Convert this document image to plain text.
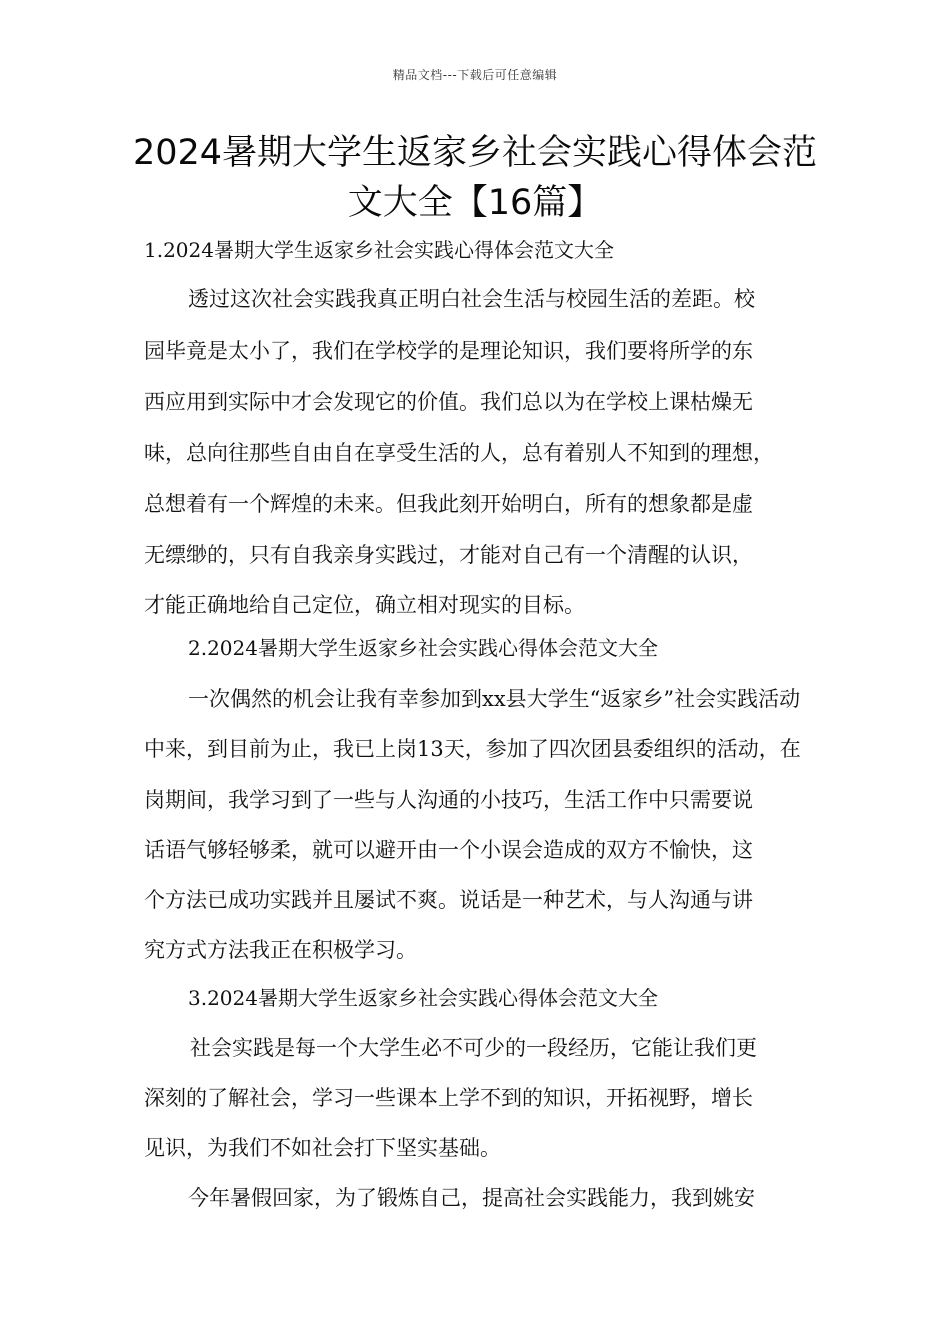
精品文档---下载后可任意编辑
2024暑期大学生返家乡社会实践心得体会范文大全【16篇】
1.2024暑期大学生返家乡社会实践心得体会范文大全
透过这次社会实践我真正明白社会生活与校园生活的差距。校
园毕竟是太小了，我们在学校学的是理论知识，我们要将所学的东
西应用到实际中才会发现它的价值。我们总以为在学校上课枯燥无
味，总向往那些自由自在享受生活的人，总有着别人不知到的理想，
总想着有一个辉煌的未来。但我此刻开始明白，所有的想象都是虚
无缥缈的，只有自我亲身实践过，才能对自己有一个清醒的认识，
才能正确地给自己定位，确立相对现实的目标。
2.2024暑期大学生返家乡社会实践心得体会范文大全
一次偶然的机会让我有幸参加到xx县大学生“返家乡”社会实践活动
中来，到目前为止，我已上岗13天，参加了四次团县委组织的活动，在
岗期间，我学习到了一些与人沟通的小技巧，生活工作中只需要说
话语气够轻够柔，就可以避开由一个小误会造成的双方不愉快，这
个方法已成功实践并且屡试不爽。说话是一种艺术，与人沟通与讲
究方式方法我正在积极学习。
3.2024暑期大学生返家乡社会实践心得体会范文大全
社会实践是每一个大学生必不可少的一段经历，它能让我们更
深刻的了解社会，学习一些课本上学不到的知识，开拓视野，增长
见识，为我们不如社会打下坚实基础。
今年暑假回家，为了锻炼自己，提高社会实践能力，我到姚安
